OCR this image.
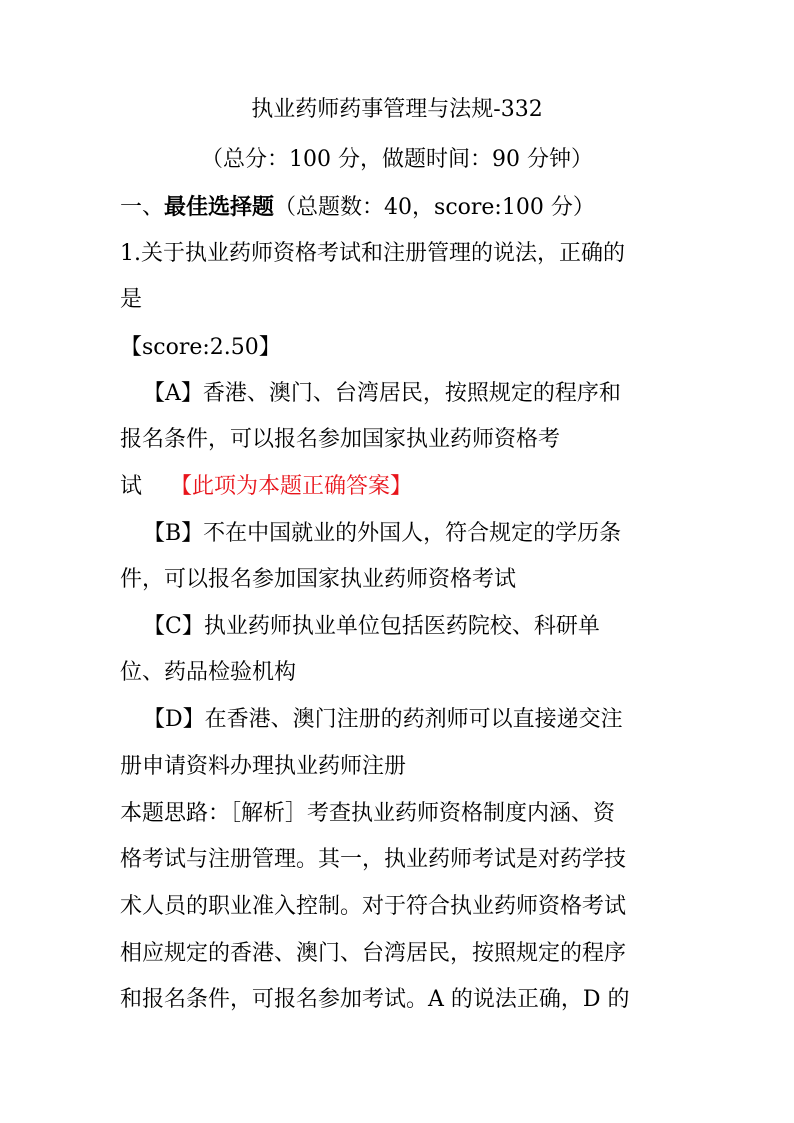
执业药师药事管理与法规-332
（总分：100 分，做题时间：90 分钟）
一、最佳选择题（总题数：40，score:100 分）
1.关于执业药师资格考试和注册管理的说法，正确的
是
【score:2.50】
【A】香港、澳门、台湾居民，按照规定的程序和
报名条件，可以报名参加国家执业药师资格考
试 【此项为本题正确答案】
【B】不在中国就业的外国人，符合规定的学历条
件，可以报名参加国家执业药师资格考试
【C】执业药师执业单位包括医药院校、科研单
位、药品检验机构
【D】在香港、澳门注册的药剂师可以直接递交注
册申请资料办理执业药师注册
本题思路：［解析］考查执业药师资格制度内涵、资
格考试与注册管理。其一，执业药师考试是对药学技
术人员的职业准入控制。对于符合执业药师资格考试
相应规定的香港、澳门、台湾居民，按照规定的程序
和报名条件，可报名参加考试。A 的说法正确，D 的
